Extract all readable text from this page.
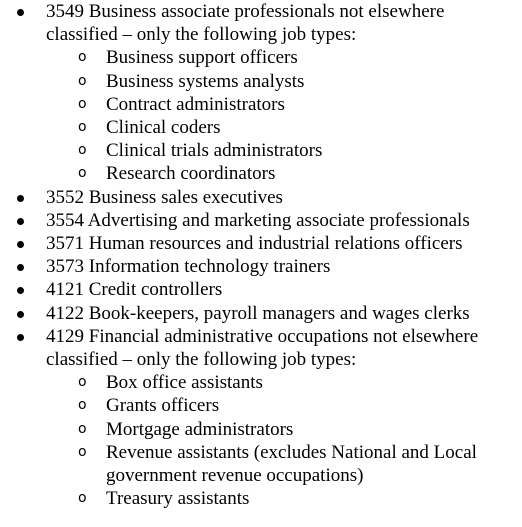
3549 Business associate professionals not elsewhere classified – only the following job types:
o Business support officers
o Business systems analysts
o Contract administrators
o Clinical coders
o Clinical trials administrators
o Research coordinators
3552 Business sales executives
3554 Advertising and marketing associate professionals
3571 Human resources and industrial relations officers
3573 Information technology trainers
4121 Credit controllers
4122 Book-keepers, payroll managers and wages clerks
4129 Financial administrative occupations not elsewhere classified – only the following job types:
o Box office assistants
o Grants officers
o Mortgage administrators
o Revenue assistants (excludes National and Local government revenue occupations)
o Treasury assistants
